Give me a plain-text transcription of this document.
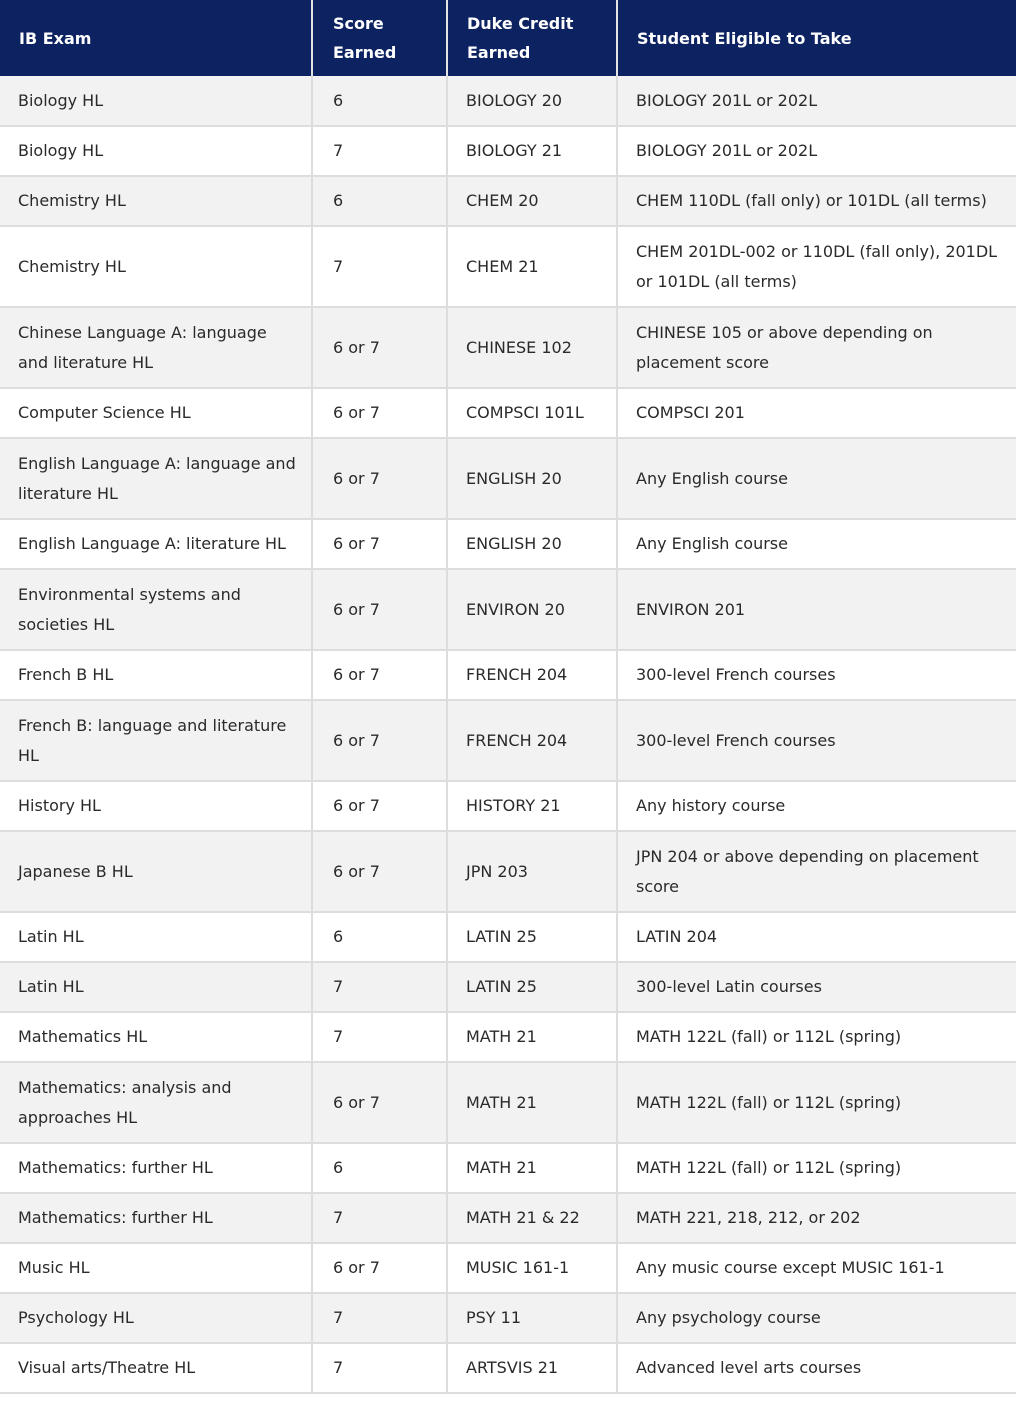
IB Exam	Score Earned	Duke Credit Earned	Student Eligible to Take
Biology HL	6	BIOLOGY 20	BIOLOGY 201L or 202L
Biology HL	7	BIOLOGY 21	BIOLOGY 201L or 202L
Chemistry HL	6	CHEM 20	CHEM 110DL (fall only) or 101DL (all terms)
Chemistry HL	7	CHEM 21	CHEM 201DL-002 or 110DL (fall only), 201DL or 101DL (all terms)
Chinese Language A: language and literature HL	6 or 7	CHINESE 102	CHINESE 105 or above depending on placement score
Computer Science HL	6 or 7	COMPSCI 101L	COMPSCI 201
English Language A: language and literature HL	6 or 7	ENGLISH 20	Any English course
English Language A: literature HL	6 or 7	ENGLISH 20	Any English course
Environmental systems and societies HL	6 or 7	ENVIRON 20	ENVIRON 201
French B HL	6 or 7	FRENCH 204	300-level French courses
French B: language and literature HL	6 or 7	FRENCH 204	300-level French courses
History HL	6 or 7	HISTORY 21	Any history course
Japanese B HL	6 or 7	JPN 203	JPN 204 or above depending on placement score
Latin HL	6	LATIN 25	LATIN 204
Latin HL	7	LATIN 25	300-level Latin courses
Mathematics HL	7	MATH 21	MATH 122L (fall) or 112L (spring)
Mathematics: analysis and approaches HL	6 or 7	MATH 21	MATH 122L (fall) or 112L (spring)
Mathematics: further HL	6	MATH 21	MATH 122L (fall) or 112L (spring)
Mathematics: further HL	7	MATH 21 & 22	MATH 221, 218, 212, or 202
Music HL	6 or 7	MUSIC 161-1	Any music course except MUSIC 161-1
Psychology HL	7	PSY 11	Any psychology course
Visual arts/Theatre HL	7	ARTSVIS 21	Advanced level arts courses
